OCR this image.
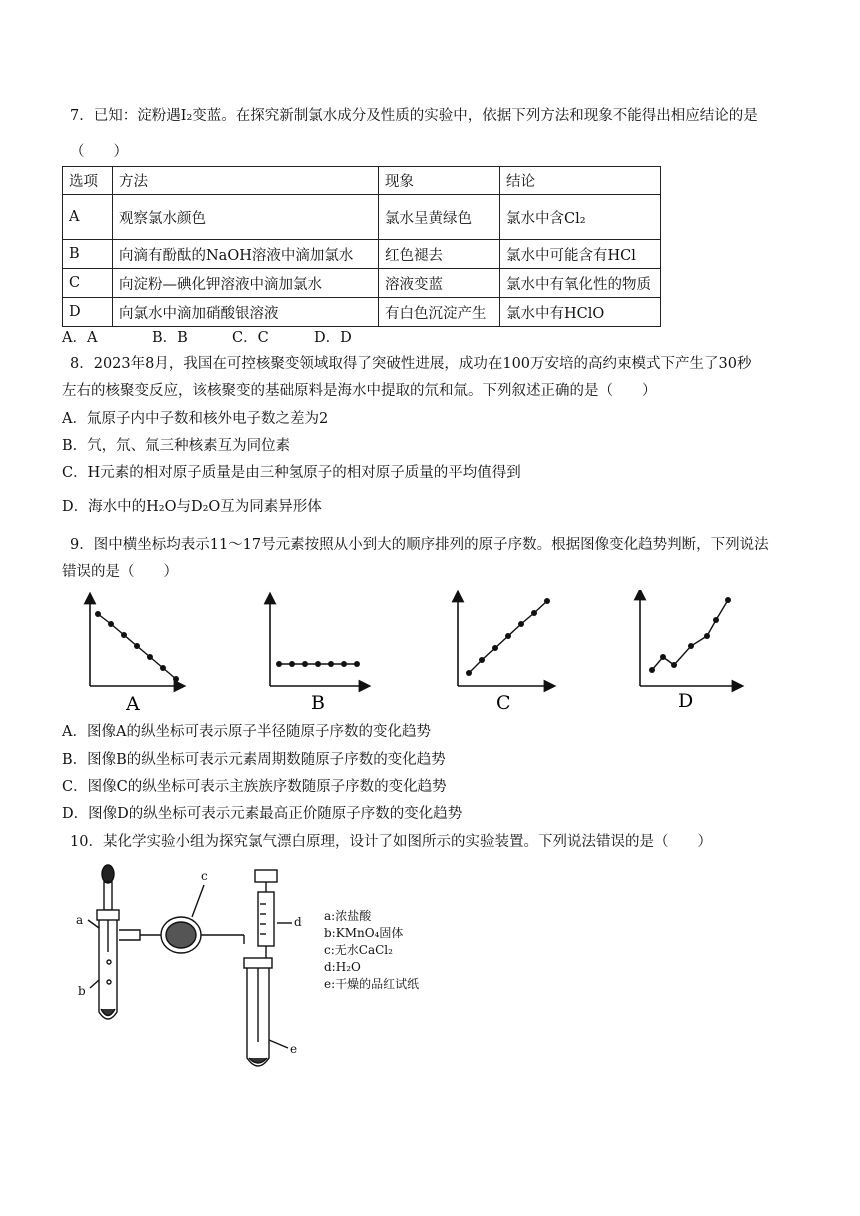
7．已知：淀粉遇I₂变蓝。在探究新制氯水成分及性质的实验中，依据下列方法和现象不能得出相应结论的是
（　　）
选项	方法	现象	结论
A	观察氯水颜色	氯水呈黄绿色	氯水中含Cl₂
B	向滴有酚酞的NaOH溶液中滴加氯水	红色褪去	氯水中可能含有HCl
C	向淀粉—碘化钾溶液中滴加氯水	溶液变蓝	氯水中有氧化性的物质
D	向氯水中滴加硝酸银溶液	有白色沉淀产生	氯水中有HClO
A．A	B．B	C．C	D．D
8．2023年8月，我国在可控核聚变领域取得了突破性进展，成功在100万安培的高约束模式下产生了30秒
左右的核聚变反应，该核聚变的基础原料是海水中提取的氘和氚。下列叙述正确的是（　　）
A．氚原子内中子数和核外电子数之差为2
B．氕，氘、氚三种核素互为同位素
C．H元素的相对原子质量是由三种氢原子的相对原子质量的平均值得到
D．海水中的H₂O与D₂O互为同素异形体
9．图中横坐标均表示11～17号元素按照从小到大的顺序排列的原子序数。根据图像变化趋势判断，下列说法
错误的是（　　）
A	B	C	D
A．图像A的纵坐标可表示原子半径随原子序数的变化趋势
B．图像B的纵坐标可表示元素周期数随原子序数的变化趋势
C．图像C的纵坐标可表示主族族序数随原子序数的变化趋势
D．图像D的纵坐标可表示元素最高正价随原子序数的变化趋势
10．某化学实验小组为探究氯气漂白原理，设计了如图所示的实验装置。下列说法错误的是（　　）
a
b
c
d
e
a:浓盐酸
b:KMnO₄固体
c:无水CaCl₂
d:H₂O
e:干燥的品红试纸
